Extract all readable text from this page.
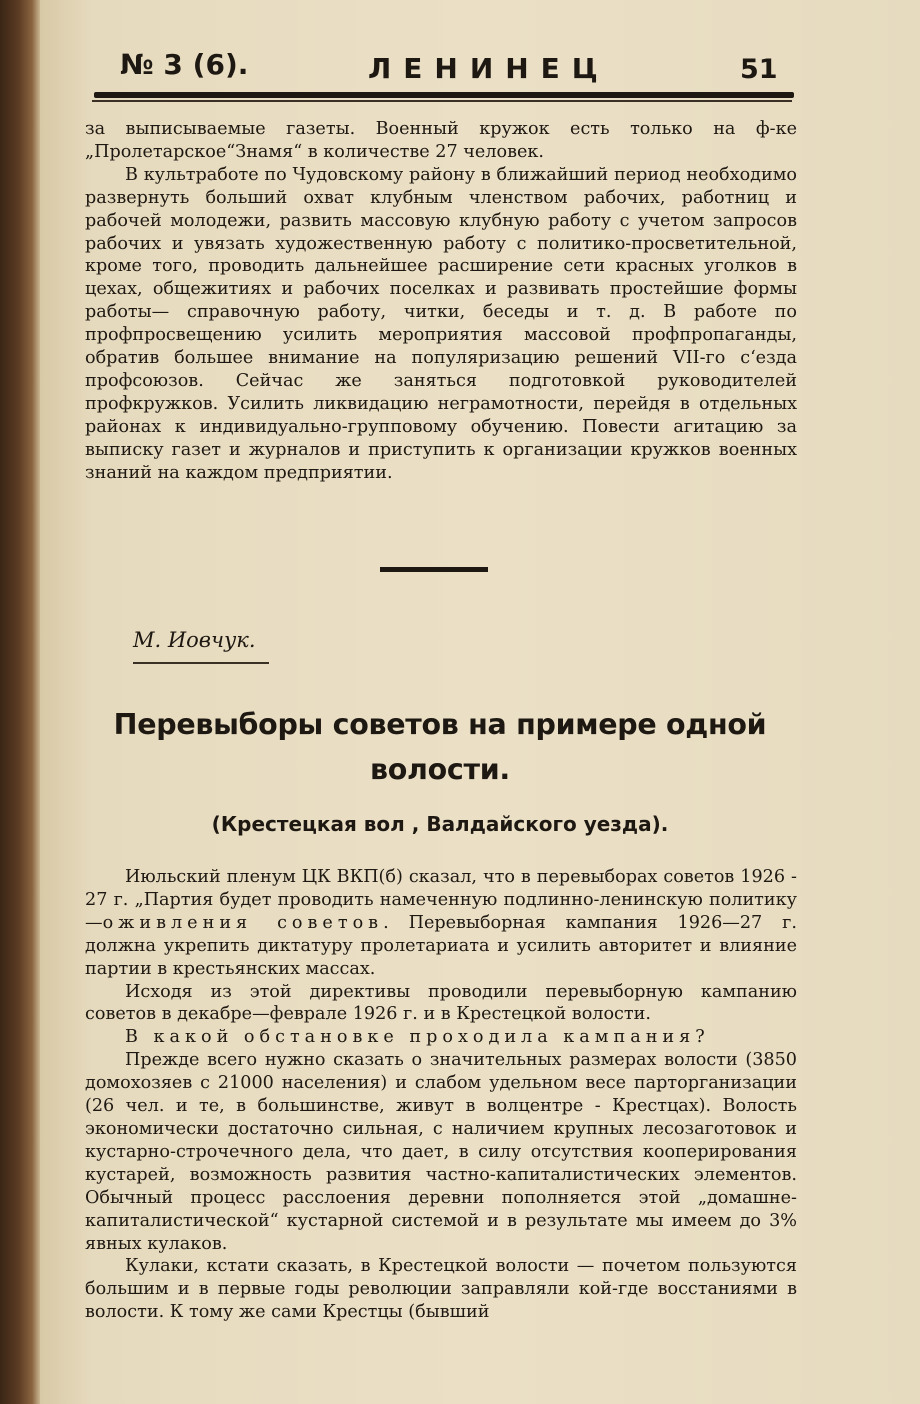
№ 3 (6).	ЛЕНИНЕЦ	51

за выписываемые газеты. Военный кружок есть только на ф-ке „Пролетарское“Знамя“ в количестве 27 человек.

В культработе по Чудовскому району в ближайший период необходимо развернуть больший охват клубным членством рабочих, работниц и рабочей молодежи, развить массовую клубную работу с учетом запросов рабочих и увязать художественную работу с политико-просветительной, кроме того, проводить дальнейшее расширение сети красных уголков в цехах, общежитиях и рабочих поселках и развивать простейшие формы работы— справочную работу, читки, беседы и т. д. В работе по профпросвещению усилить мероприятия массовой профпропаганды, обратив большее внимание на популяризацию решений VII-го с‘езда профсоюзов. Сейчас же заняться подготовкой руководителей профкружков. Усилить ликвидацию неграмотности, перейдя в отдельных районах к индивидуально-групповому обучению. Повести агитацию за выписку газет и журналов и приступить к организации кружков военных знаний на каждом предприятии.

М. Иовчук.
Перевыборы советов на примере одной волости.
(Крестецкая вол , Валдайского уезда).

Июльский пленум ЦК ВКП(б) сказал, что в перевыборах советов 1926 - 27 г. „Партия будет проводить намеченную подлинно-ленинскую политику—оживления советов. Перевыборная кампания 1926—27 г. должна укрепить диктатуру пролетариата и усилить авторитет и влияние партии в крестьянских массах.

Исходя из этой директивы проводили перевыборную кампанию советов в декабре—феврале 1926 г. и в Крестецкой волости.

В какой обстановке проходила кампания?

Прежде всего нужно сказать о значительных размерах волости (3850 домохозяев с 21000 населения) и слабом удельном весе парторганизации (26 чел. и те, в большинстве, живут в волцентре - Крестцах). Волость экономически достаточно сильная, с наличием крупных лесозаготовок и кустарно-строчечного дела, что дает, в силу отсутствия кооперирования кустарей, возможность развития частно-капиталистических элементов. Обычный процесс расслоения деревни пополняется этой „домашне-капиталистической“ кустарной системой и в результате мы имеем до 3% явных кулаков.

Кулаки, кстати сказать, в Крестецкой волости — почетом пользуются большим и в первые годы революции заправляли кой-где восстаниями в волости. К тому же сами Крестцы (бывший
